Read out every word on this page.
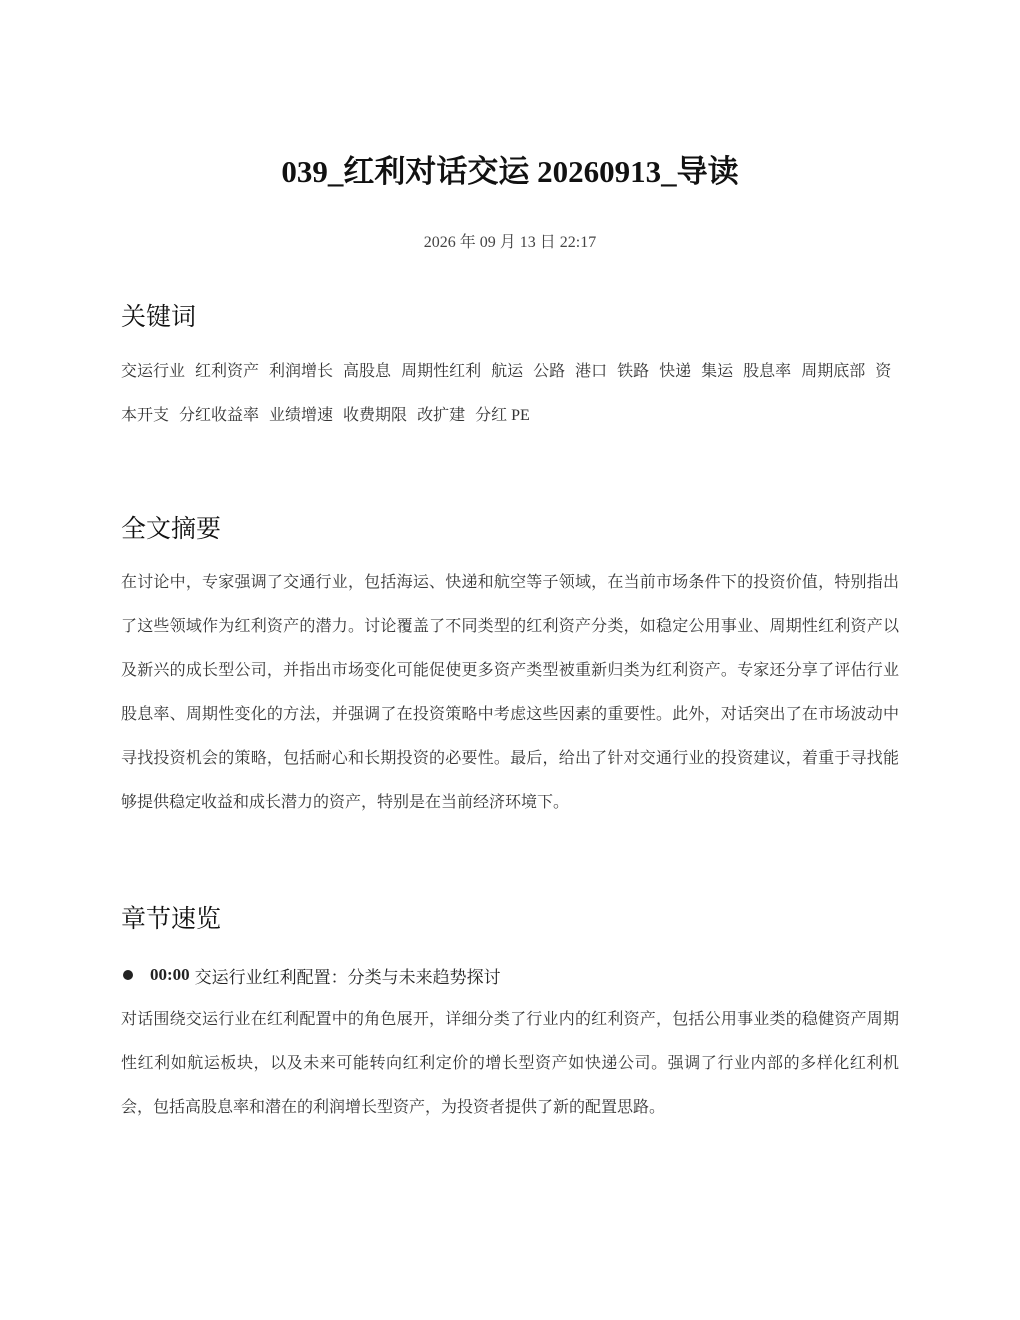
039_红利对话交运 20260913_导读
2026 年 09 月 13 日 22:17
关键词

交运行业 红利资产 利润增长 高股息 周期性红利 航运 公路 港口 铁路 快递 集运 股息率 周期底部 资本开支 分红收益率 业绩增速 收费期限 改扩建 分红 PE

全文摘要

在讨论中，专家强调了交通行业，包括海运、快递和航空等子领域，在当前市场条件下的投资价值，特别指出了这些领域作为红利资产的潜力。讨论覆盖了不同类型的红利资产分类，如稳定公用事业、周期性红利资产以及新兴的成长型公司，并指出市场变化可能促使更多资产类型被重新归类为红利资产。专家还分享了评估行业股息率、周期性变化的方法，并强调了在投资策略中考虑这些因素的重要性。此外，对话突出了在市场波动中寻找投资机会的策略，包括耐心和长期投资的必要性。最后，给出了针对交通行业的投资建议，着重于寻找能够提供稳定收益和成长潜力的资产，特别是在当前经济环境下。

章节速览
00:00 交运行业红利配置：分类与未来趋势探讨

对话围绕交运行业在红利配置中的角色展开，详细分类了行业内的红利资产，包括公用事业类的稳健资产周期性红利如航运板块，以及未来可能转向红利定价的增长型资产如快递公司。强调了行业内部的多样化红利机会，包括高股息率和潜在的利润增长型资产，为投资者提供了新的配置思路。
